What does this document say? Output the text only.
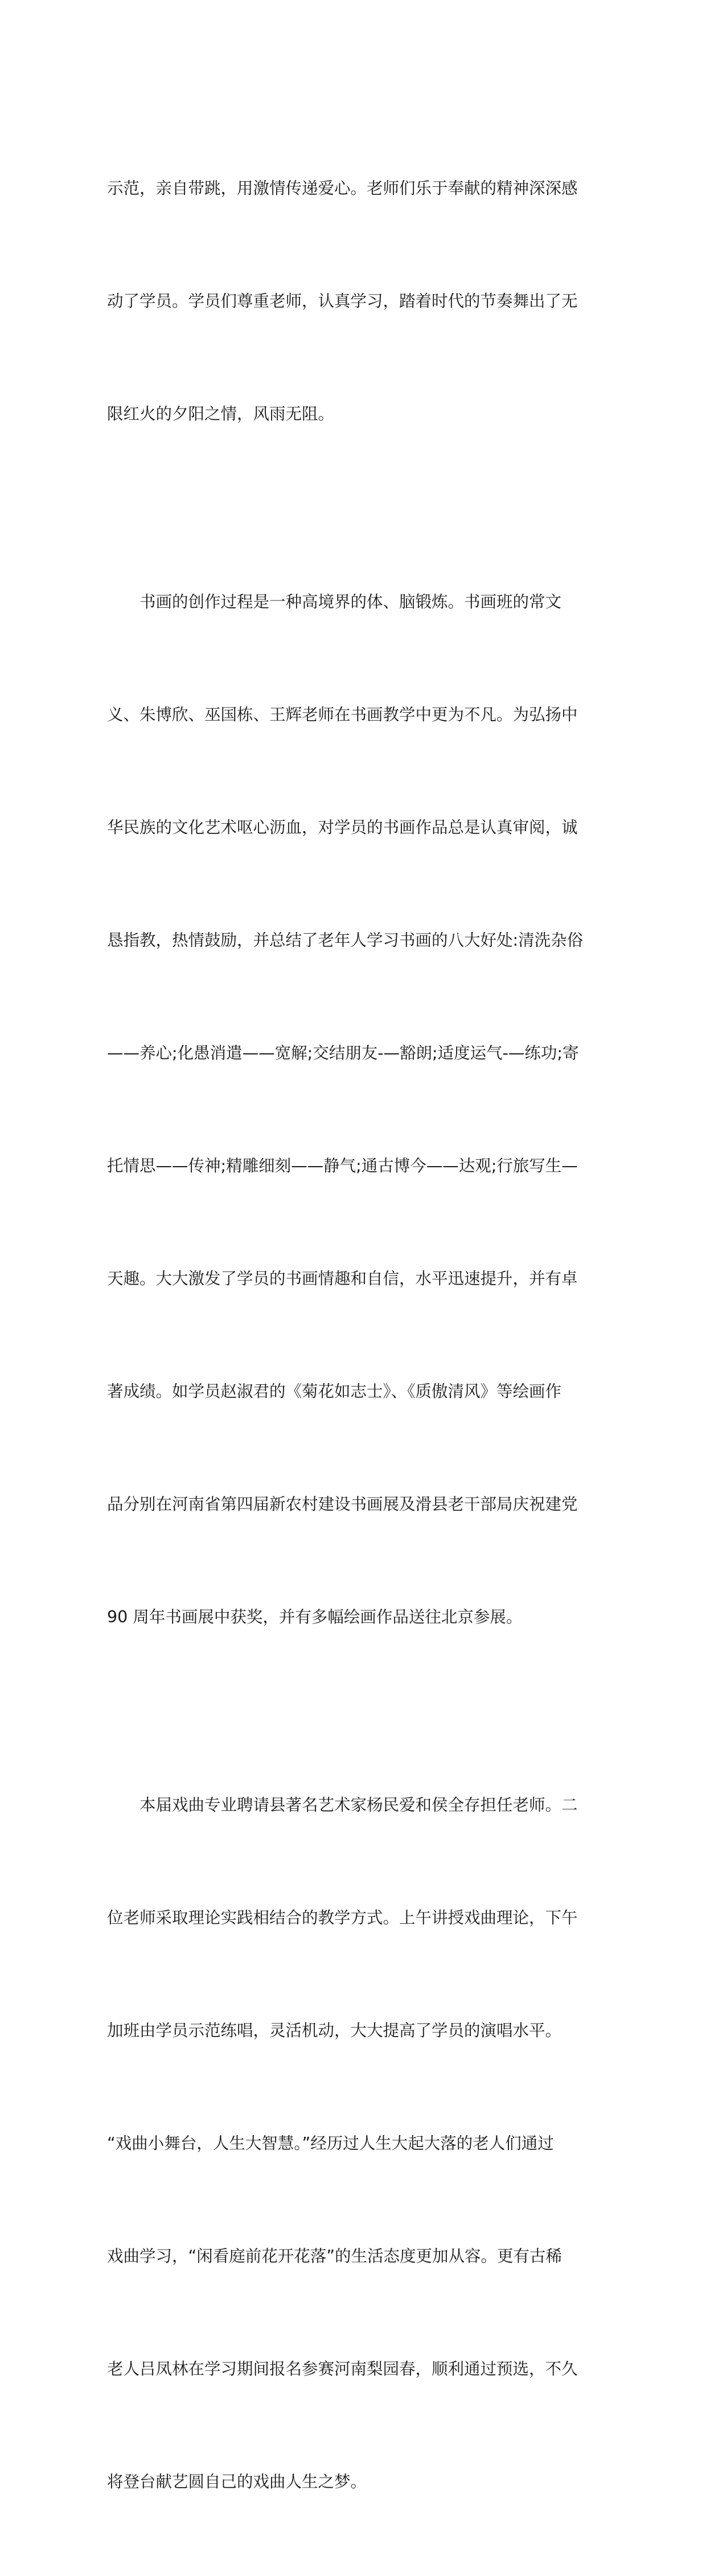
示范，亲自带跳，用激情传递爱心。老师们乐于奉献的精神深深感

动了学员。学员们尊重老师，认真学习，踏着时代的节奏舞出了无

限红火的夕阳之情，风雨无阻。

　　书画的创作过程是一种高境界的体、脑锻炼。书画班的常文

义、朱博欣、巫国栋、王辉老师在书画教学中更为不凡。为弘扬中

华民族的文化艺术呕心沥血，对学员的书画作品总是认真审阅，诚

恳指教，热情鼓励，并总结了老年人学习书画的八大好处:清洗杂俗

——养心;化愚消遣——宽解;交结朋友-—豁朗;适度运气-—练功;寄

托情思——传神;精雕细刻——静气;通古博今——达观;行旅写生—

天趣。大大激发了学员的书画情趣和自信，水平迅速提升，并有卓

著成绩。如学员赵淑君的《菊花如志士》、《质傲清风》等绘画作

品分别在河南省第四届新农村建设书画展及滑县老干部局庆祝建党

90 周年书画展中获奖，并有多幅绘画作品送往北京参展。

　　本届戏曲专业聘请县著名艺术家杨民爱和侯全存担任老师。二

位老师采取理论实践相结合的教学方式。上午讲授戏曲理论，下午

加班由学员示范练唱，灵活机动，大大提高了学员的演唱水平。

“戏曲小舞台，人生大智慧。”经历过人生大起大落的老人们通过

戏曲学习，“闲看庭前花开花落”的生活态度更加从容。更有古稀

老人吕凤林在学习期间报名参赛河南梨园春，顺利通过预选，不久

将登台献艺圆自己的戏曲人生之梦。
